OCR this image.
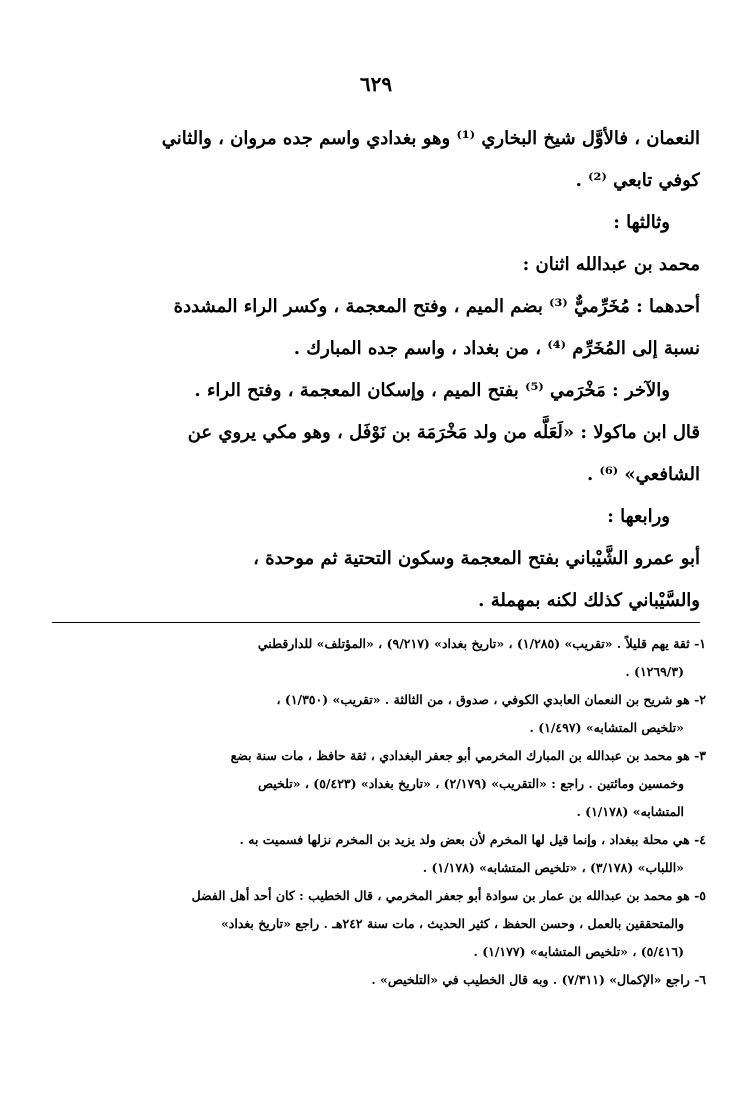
٦٢٩
النعمان ، فالأوَّل شيخ البخاري ⁽¹⁾ وهو بغدادي واسم جده مروان ، والثاني
كوفي تابعي ⁽²⁾ .
وثالثها :
محمد بن عبدالله اثنان :
أحدهما : مُخَرِّميٌّ ⁽³⁾ بضم الميم ، وفتح المعجمة ، وكسر الراء المشددة
نسبة إلى المُخَرِّم ⁽⁴⁾ ، من بغداد ، واسم جده المبارك .
والآخر : مَخْرَمي ⁽⁵⁾ بفتح الميم ، وإسكان المعجمة ، وفتح الراء .
قال ابن ماكولا : «لَعَلَّه من ولد مَخْرَمَة بن نَوْفَل ، وهو مكي يروي عن
الشافعي» ⁽⁶⁾ .
ورابعها :
أبو عمرو الشَّيْباني بفتح المعجمة وسكون التحتية ثم موحدة ،
والسَّيْباني كذلك لكنه بمهملة .
١- ثقة يهم قليلاً . «تقريب» (١/٢٨٥) ، «تاريخ بغداد» (٩/٢١٧) ، «المؤتلف» للدارقطني
(١٢٦٩/٣) .
٢- هو شريح بن النعمان العابدي الكوفي ، صدوق ، من الثالثة . «تقريب» (١/٣٥٠) ،
«تلخيص المتشابه» (١/٤٩٧) .
٣- هو محمد بن عبدالله بن المبارك المخرمي أبو جعفر البغدادي ، ثقة حافظ ، مات سنة بضع
وخمسين ومائتين . راجع : «التقريب» (٢/١٧٩) ، «تاريخ بغداد» (٥/٤٢٣) ، «تلخيص
المتشابه» (١/١٧٨) .
٤- هي محلة ببغداد ، وإنما قيل لها المخرم لأن بعض ولد يزيد بن المخرم نزلها فسميت به .
«اللباب» (٣/١٧٨) ، «تلخيص المتشابه» (١/١٧٨) .
٥- هو محمد بن عبدالله بن عمار بن سوادة أبو جعفر المخرمي ، قال الخطيب : كان أحد أهل الفضل
والمتحققين بالعمل ، وحسن الحفظ ، كثير الحديث ، مات سنة ٢٤٢هـ . راجع «تاريخ بغداد»
(٥/٤١٦) ، «تلخيص المتشابه» (١/١٧٧) .
٦- راجع «الإكمال» (٧/٣١١) . وبه قال الخطيب في «التلخيص» .
